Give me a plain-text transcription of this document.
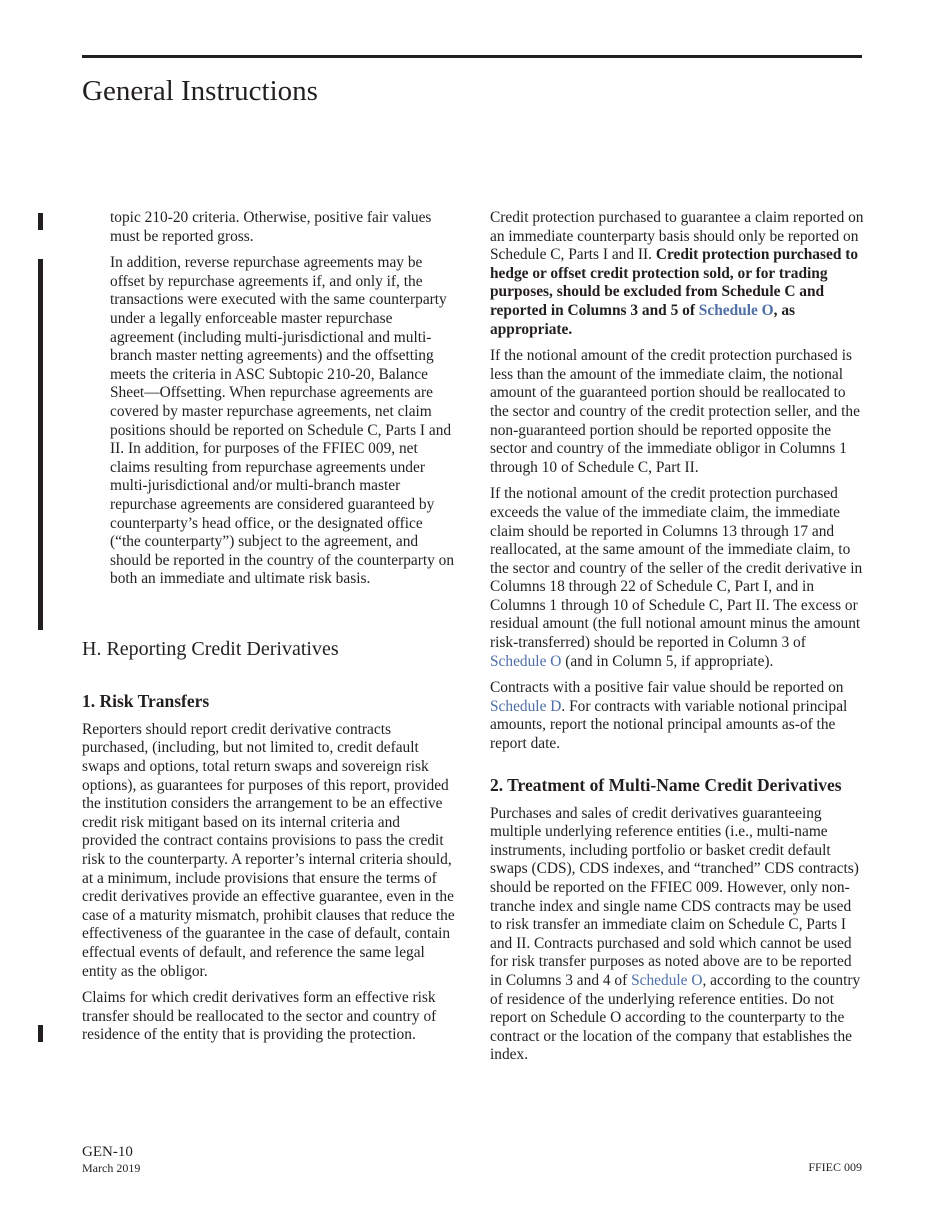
General Instructions

topic 210-20 criteria. Otherwise, positive fair values must be reported gross.

In addition, reverse repurchase agreements may be offset by repurchase agreements if, and only if, the transactions were executed with the same counterparty under a legally enforceable master repurchase agreement (including multi-jurisdictional and multi-branch master netting agreements) and the offsetting meets the criteria in ASC Subtopic 210-20, Balance Sheet—Offsetting. When repurchase agreements are covered by master repurchase agreements, net claim positions should be reported on Schedule C, Parts I and II. In addition, for purposes of the FFIEC 009, net claims resulting from repurchase agreements under multi-jurisdictional and/or multi-branch master repurchase agreements are considered guaranteed by counterparty’s head office, or the designated office (“the counterparty”) subject to the agreement, and should be reported in the country of the counterparty on both an immediate and ultimate risk basis.

H. Reporting Credit Derivatives
1. Risk Transfers

Reporters should report credit derivative contracts purchased, (including, but not limited to, credit default swaps and options, total return swaps and sovereign risk options), as guarantees for purposes of this report, provided the institution considers the arrangement to be an effective credit risk mitigant based on its internal criteria and provided the contract contains provisions to pass the credit risk to the counterparty. A reporter’s internal criteria should, at a minimum, include provisions that ensure the terms of credit derivatives provide an effective guarantee, even in the case of a maturity mismatch, prohibit clauses that reduce the effectiveness of the guarantee in the case of default, contain effectual events of default, and reference the same legal entity as the obligor.

Claims for which credit derivatives form an effective risk transfer should be reallocated to the sector and country of residence of the entity that is providing the protection.

Credit protection purchased to guarantee a claim reported on an immediate counterparty basis should only be reported on Schedule C, Parts I and II. Credit protection purchased to hedge or offset credit protection sold, or for trading purposes, should be excluded from Schedule C and reported in Columns 3 and 5 of Schedule O, as appropriate.

If the notional amount of the credit protection purchased is less than the amount of the immediate claim, the notional amount of the guaranteed portion should be reallocated to the sector and country of the credit protection seller, and the non-guaranteed portion should be reported opposite the sector and country of the immediate obligor in Columns 1 through 10 of Schedule C, Part II.

If the notional amount of the credit protection purchased exceeds the value of the immediate claim, the immediate claim should be reported in Columns 13 through 17 and reallocated, at the same amount of the immediate claim, to the sector and country of the seller of the credit derivative in Columns 18 through 22 of Schedule C, Part I, and in Columns 1 through 10 of Schedule C, Part II. The excess or residual amount (the full notional amount minus the amount risk-transferred) should be reported in Column 3 of Schedule O (and in Column 5, if appropriate).

Contracts with a positive fair value should be reported on Schedule D. For contracts with variable notional principal amounts, report the notional principal amounts as-of the report date.

2. Treatment of Multi-Name Credit Derivatives

Purchases and sales of credit derivatives guaranteeing multiple underlying reference entities (i.e., multi-name instruments, including portfolio or basket credit default swaps (CDS), CDS indexes, and “tranched” CDS contracts) should be reported on the FFIEC 009. However, only non-tranche index and single name CDS contracts may be used to risk transfer an immediate claim on Schedule C, Parts I and II. Contracts purchased and sold which cannot be used for risk transfer purposes as noted above are to be reported in Columns 3 and 4 of Schedule O, according to the country of residence of the underlying reference entities. Do not report on Schedule O according to the counterparty to the contract or the location of the company that establishes the index.

GEN-10
March 2019	FFIEC 009
